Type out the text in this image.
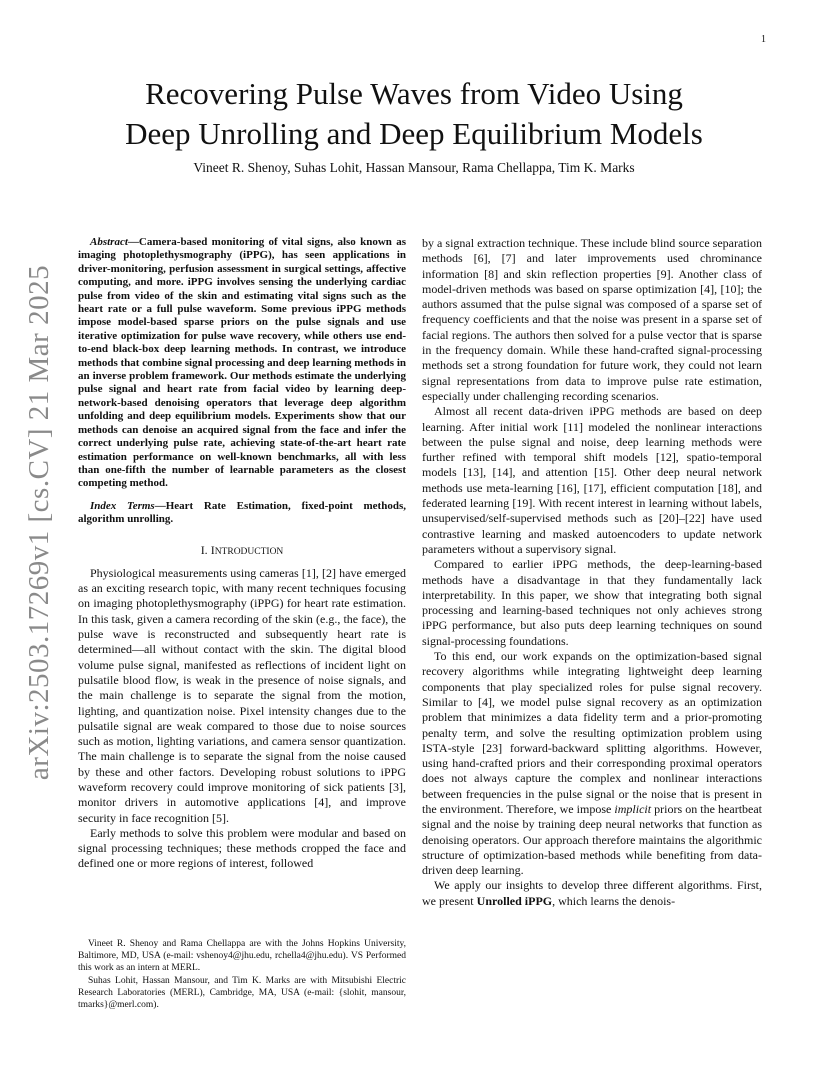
1
arXiv:2503.17269v1 [cs.CV] 21 Mar 2025
Recovering Pulse Waves from Video Using
Deep Unrolling and Deep Equilibrium Models
Vineet R. Shenoy, Suhas Lohit, Hassan Mansour, Rama Chellappa, Tim K. Marks

Abstract—Camera-based monitoring of vital signs, also known as imaging photoplethysmography (iPPG), has seen applications in driver-monitoring, perfusion assessment in surgical settings, affective computing, and more. iPPG involves sensing the underlying cardiac pulse from video of the skin and estimating vital signs such as the heart rate or a full pulse waveform. Some previous iPPG methods impose model-based sparse priors on the pulse signals and use iterative optimization for pulse wave recovery, while others use end-to-end black-box deep learning methods. In contrast, we introduce methods that combine signal processing and deep learning methods in an inverse problem framework. Our methods estimate the underlying pulse signal and heart rate from facial video by learning deep-network-based denoising operators that leverage deep algorithm unfolding and deep equilibrium models. Experiments show that our methods can denoise an acquired signal from the face and infer the correct underlying pulse rate, achieving state-of-the-art heart rate estimation performance on well-known benchmarks, all with less than one-fifth the number of learnable parameters as the closest competing method.

Index Terms—Heart Rate Estimation, fixed-point methods, algorithm unrolling.

I. INTRODUCTION

Physiological measurements using cameras [1], [2] have emerged as an exciting research topic, with many recent techniques focusing on imaging photoplethysmography (iPPG) for heart rate estimation. In this task, given a camera recording of the skin (e.g., the face), the pulse wave is reconstructed and subsequently heart rate is determined—all without contact with the skin. The digital blood volume pulse signal, manifested as reflections of incident light on pulsatile blood flow, is weak in the presence of noise signals, and the main challenge is to separate the signal from the motion, lighting, and quantization noise. Pixel intensity changes due to the pulsatile signal are weak compared to those due to noise sources such as motion, lighting variations, and camera sensor quantization. The main challenge is to separate the signal from the noise caused by these and other factors. Developing robust solutions to iPPG waveform recovery could improve monitoring of sick patients [3], monitor drivers in automotive applications [4], and improve security in face recognition [5].

Early methods to solve this problem were modular and based on signal processing techniques; these methods cropped the face and defined one or more regions of interest, followed

Vineet R. Shenoy and Rama Chellappa are with the Johns Hopkins University, Baltimore, MD, USA (e-mail: vshenoy4@jhu.edu, rchella4@jhu.edu). VS Performed this work as an intern at MERL.

Suhas Lohit, Hassan Mansour, and Tim K. Marks are with Mitsubishi Electric Research Laboratories (MERL), Cambridge, MA, USA (e-mail: {slohit, mansour, tmarks}@merl.com).

by a signal extraction technique. These include blind source separation methods [6], [7] and later improvements used chrominance information [8] and skin reflection properties [9]. Another class of model-driven methods was based on sparse optimization [4], [10]; the authors assumed that the pulse signal was composed of a sparse set of frequency coefficients and that the noise was present in a sparse set of facial regions. The authors then solved for a pulse vector that is sparse in the frequency domain. While these hand-crafted signal-processing methods set a strong foundation for future work, they could not learn signal representations from data to improve pulse rate estimation, especially under challenging recording scenarios.

Almost all recent data-driven iPPG methods are based on deep learning. After initial work [11] modeled the nonlinear interactions between the pulse signal and noise, deep learning methods were further refined with temporal shift models [12], spatio-temporal models [13], [14], and attention [15]. Other deep neural network methods use meta-learning [16], [17], efficient computation [18], and federated learning [19]. With recent interest in learning without labels, unsupervised/self-supervised methods such as [20]–[22] have used contrastive learning and masked autoencoders to update network parameters without a supervisory signal.

Compared to earlier iPPG methods, the deep-learning-based methods have a disadvantage in that they fundamentally lack interpretability. In this paper, we show that integrating both signal processing and learning-based techniques not only achieves strong iPPG performance, but also puts deep learning techniques on sound signal-processing foundations.

To this end, our work expands on the optimization-based signal recovery algorithms while integrating lightweight deep learning components that play specialized roles for pulse signal recovery. Similar to [4], we model pulse signal recovery as an optimization problem that minimizes a data fidelity term and a prior-promoting penalty term, and solve the resulting optimization problem using ISTA-style [23] forward-backward splitting algorithms. However, using hand-crafted priors and their corresponding proximal operators does not always capture the complex and nonlinear interactions between frequencies in the pulse signal or the noise that is present in the environment. Therefore, we impose implicit priors on the heartbeat signal and the noise by training deep neural networks that function as denoising operators. Our approach therefore maintains the algorithmic structure of optimization-based methods while benefiting from data-driven deep learning.

We apply our insights to develop three different algorithms. First, we present Unrolled iPPG, which learns the denois-
